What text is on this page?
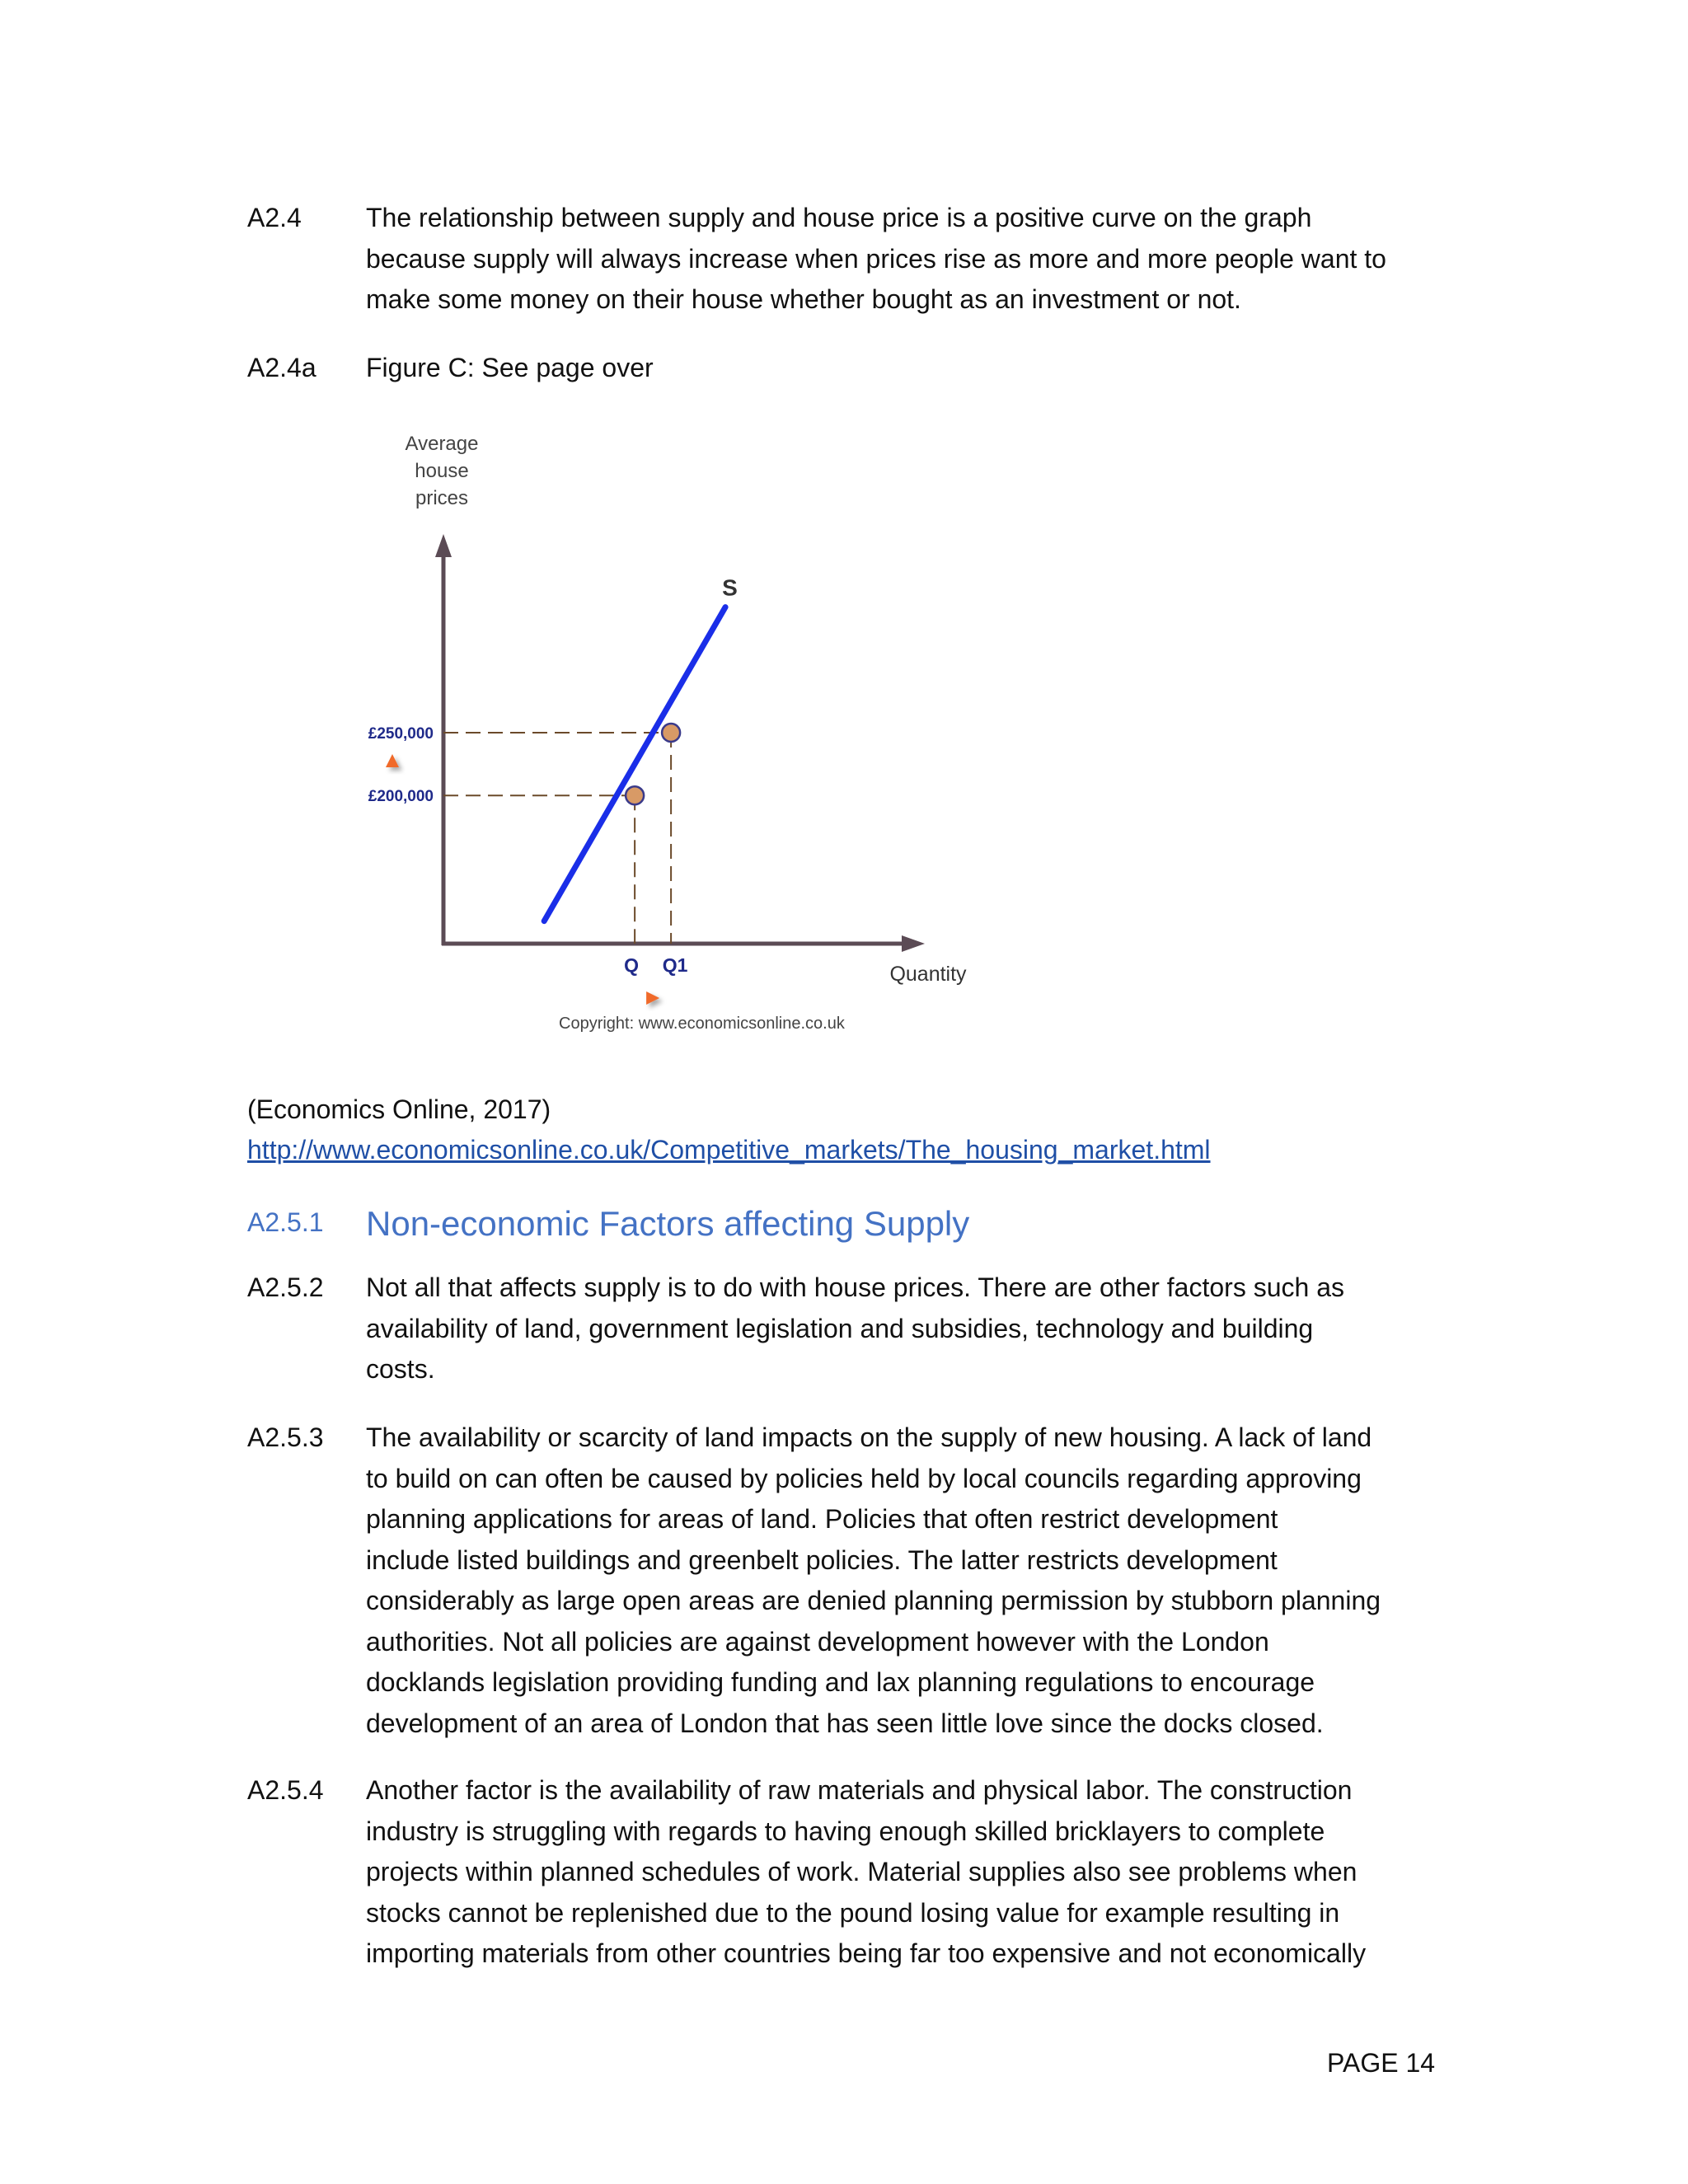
A2.4 The relationship between supply and house price is a positive curve on the graph
because supply will always increase when prices rise as more and more people want to
make some money on their house whether bought as an investment or not.
A2.4a Figure C: See page over
Average
house
prices
S
£200,000
£250,000
Q Q1	Quantity
Copyright: www.economicsonline.co.uk
(Economics Online, 2017)
http://www.economicsonline.co.uk/Competitive_markets/The_housing_market.html
A2.5.1 Non-economic Factors affecting Supply
A2.5.2 Not all that affects supply is to do with house prices. There are other factors such as
availability of land, government legislation and subsidies, technology and building
costs.
A2.5.3 The availability or scarcity of land impacts on the supply of new housing. A lack of land
to build on can often be caused by policies held by local councils regarding approving
planning applications for areas of land. Policies that often restrict development
include listed buildings and greenbelt policies. The latter restricts development
considerably as large open areas are denied planning permission by stubborn planning
authorities. Not all policies are against development however with the London
docklands legislation providing funding and lax planning regulations to encourage
development of an area of London that has seen little love since the docks closed.
A2.5.4 Another factor is the availability of raw materials and physical labor. The construction
industry is struggling with regards to having enough skilled bricklayers to complete
projects within planned schedules of work. Material supplies also see problems when
stocks cannot be replenished due to the pound losing value for example resulting in
importing materials from other countries being far too expensive and not economically
PAGE 14
